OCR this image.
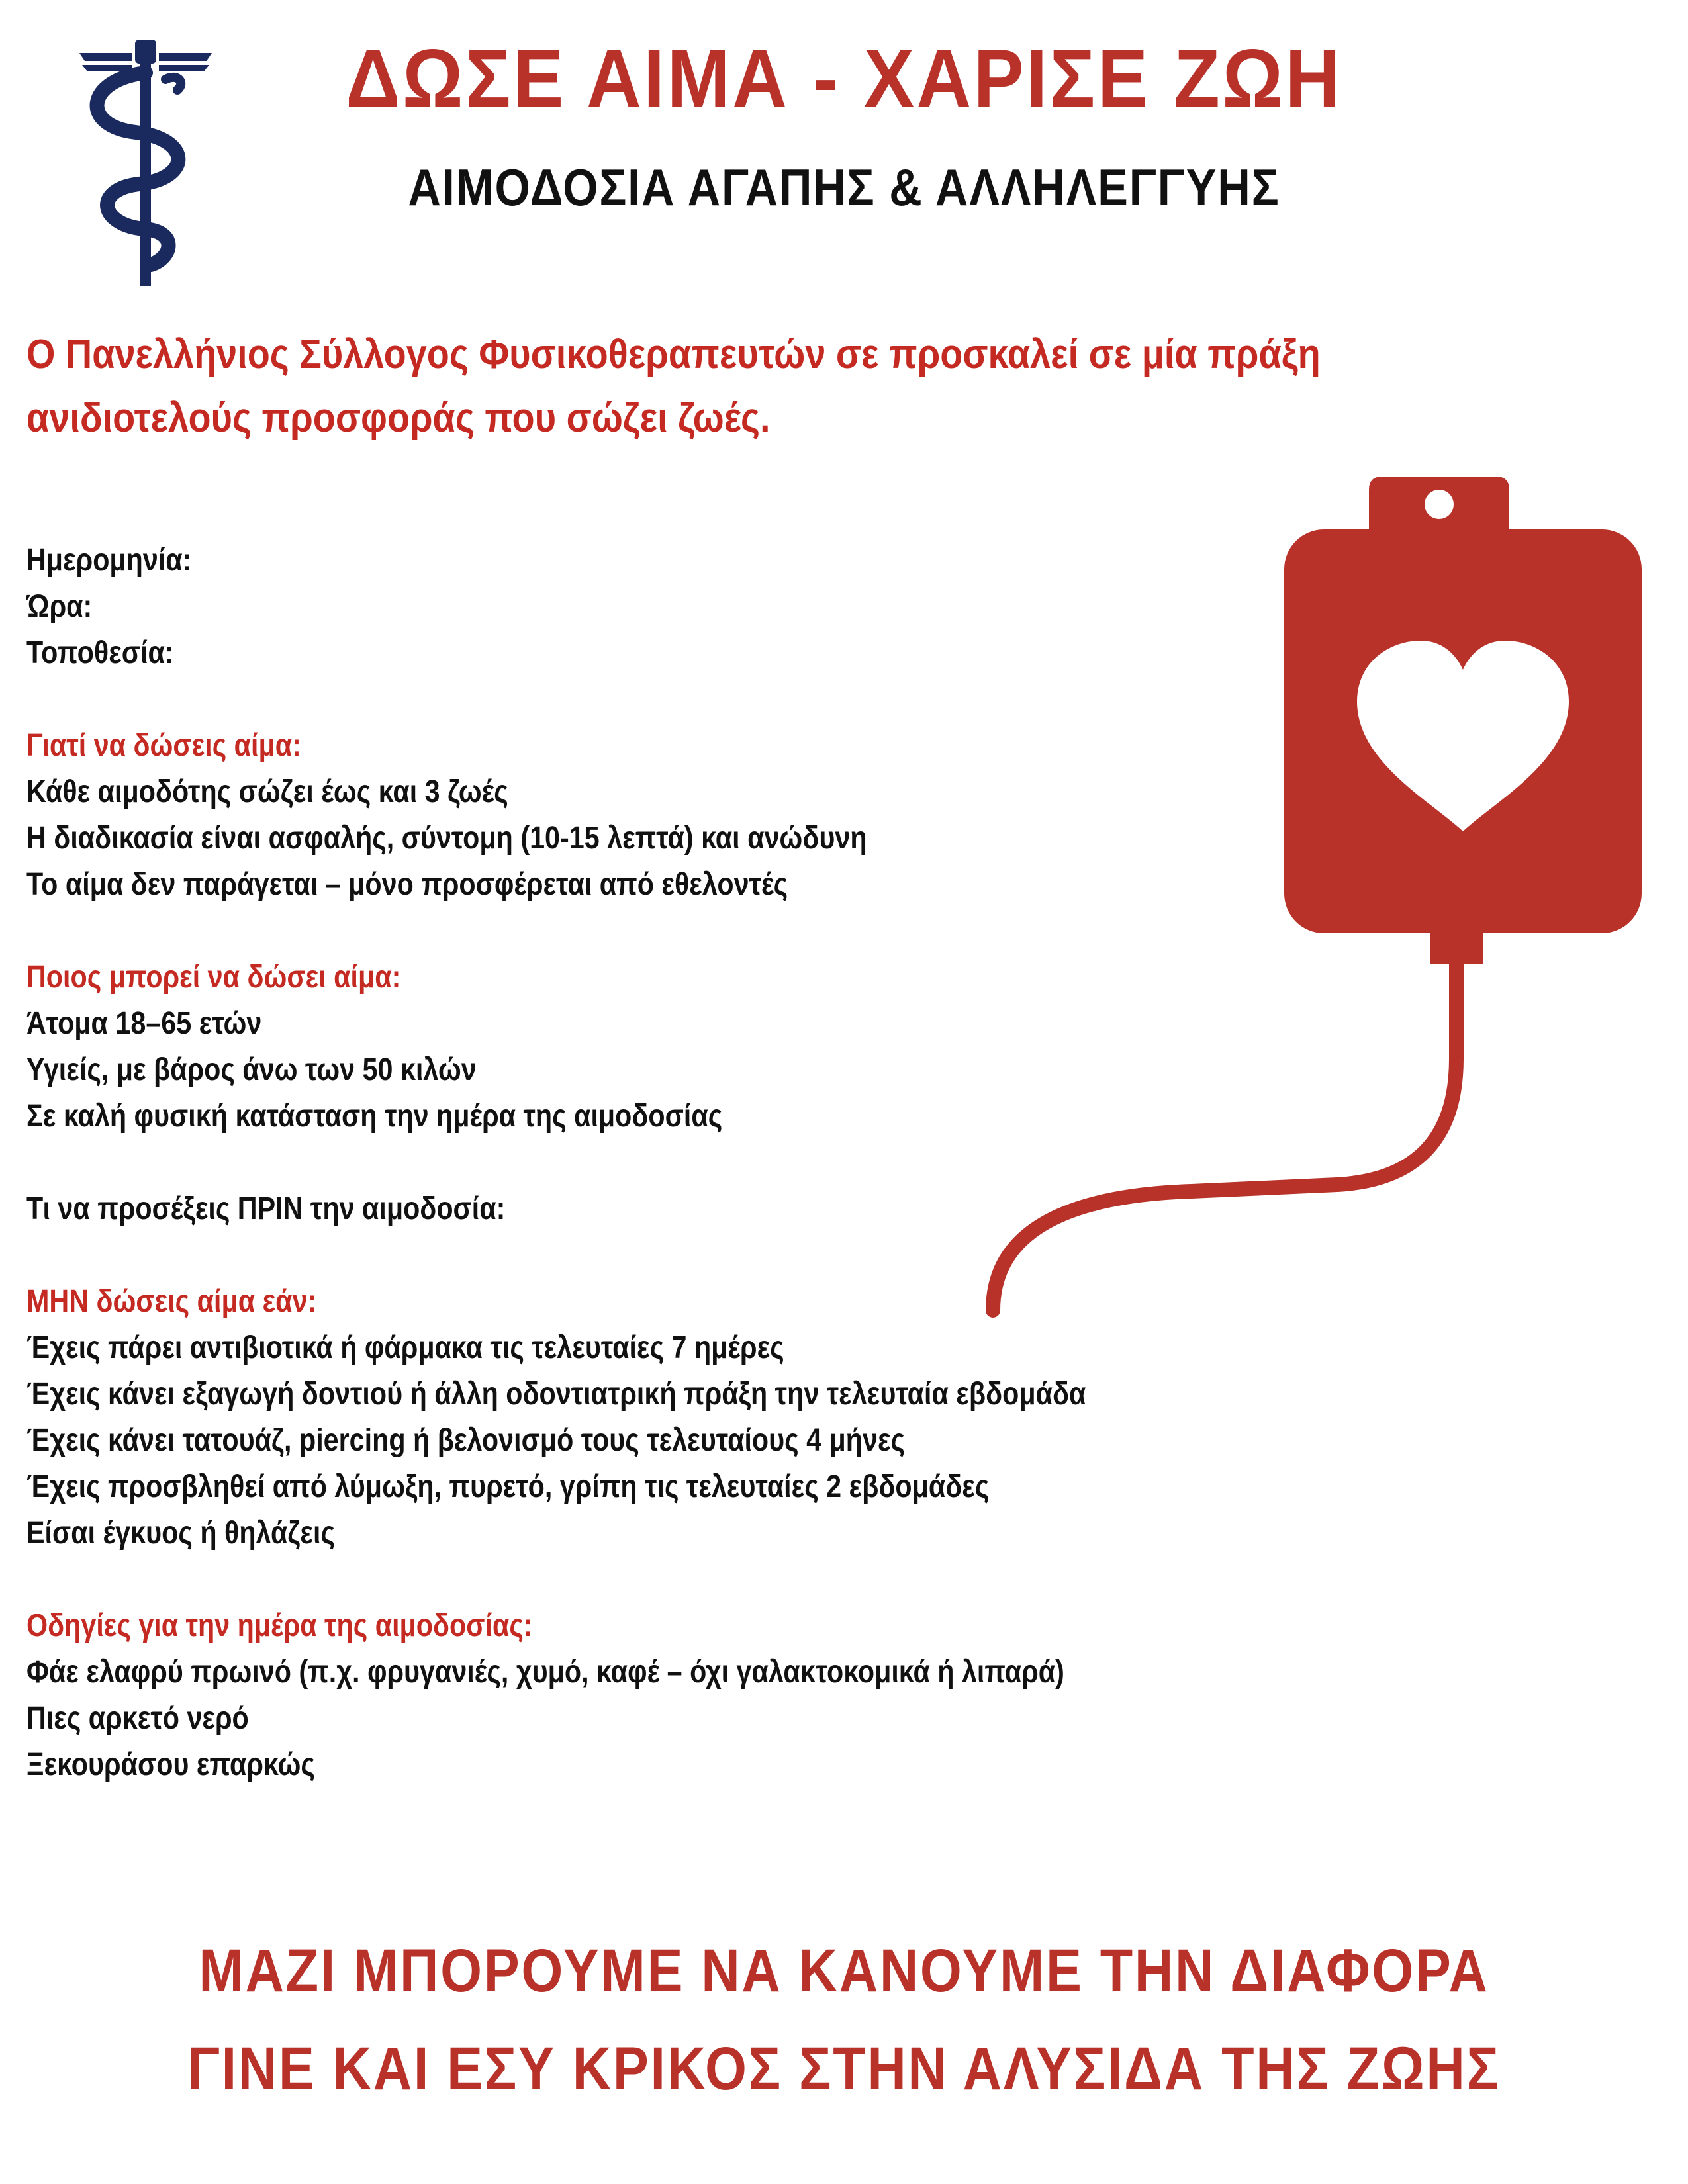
ΔΩΣΕ ΑΙΜΑ - ΧΑΡΙΣΕ ΖΩΗ
ΑΙΜΟΔΟΣΙΑ ΑΓΑΠΗΣ & ΑΛΛΗΛΕΓΓΥΗΣ
Ο Πανελλήνιος Σύλλογος Φυσικοθεραπευτών σε προσκαλεί σε μία πράξη
ανιδιοτελούς προσφοράς που σώζει ζωές.
Ημερομηνία:
Ώρα:
Τοποθεσία:
Γιατί να δώσεις αίμα:
Κάθε αιμοδότης σώζει έως και 3 ζωές
Η διαδικασία είναι ασφαλής, σύντομη (10-15 λεπτά) και ανώδυνη
Το αίμα δεν παράγεται – μόνο προσφέρεται από εθελοντές
Ποιος μπορεί να δώσει αίμα:
Άτομα 18–65 ετών
Υγιείς, με βάρος άνω των 50 κιλών
Σε καλή φυσική κατάσταση την ημέρα της αιμοδοσίας
Τι να προσέξεις ΠΡΙΝ την αιμοδοσία:
ΜΗΝ δώσεις αίμα εάν:
Έχεις πάρει αντιβιοτικά ή φάρμακα τις τελευταίες 7 ημέρες
Έχεις κάνει εξαγωγή δοντιού ή άλλη οδοντιατρική πράξη την τελευταία εβδομάδα
Έχεις κάνει τατουάζ, piercing ή βελονισμό τους τελευταίους 4 μήνες
Έχεις προσβληθεί από λύμωξη, πυρετό, γρίπη τις τελευταίες 2 εβδομάδες
Είσαι έγκυος ή θηλάζεις
Οδηγίες για την ημέρα της αιμοδοσίας:
Φάε ελαφρύ πρωινό (π.χ. φρυγανιές, χυμό, καφέ – όχι γαλακτοκομικά ή λιπαρά)
Πιες αρκετό νερό
Ξεκουράσου επαρκώς
ΜΑΖΙ ΜΠΟΡΟΥΜΕ ΝΑ ΚΑΝΟΥΜΕ ΤΗΝ ΔΙΑΦΟΡΑ
ΓΙΝΕ ΚΑΙ ΕΣΥ ΚΡΙΚΟΣ ΣΤΗΝ ΑΛΥΣΙΔΑ ΤΗΣ ΖΩΗΣ
